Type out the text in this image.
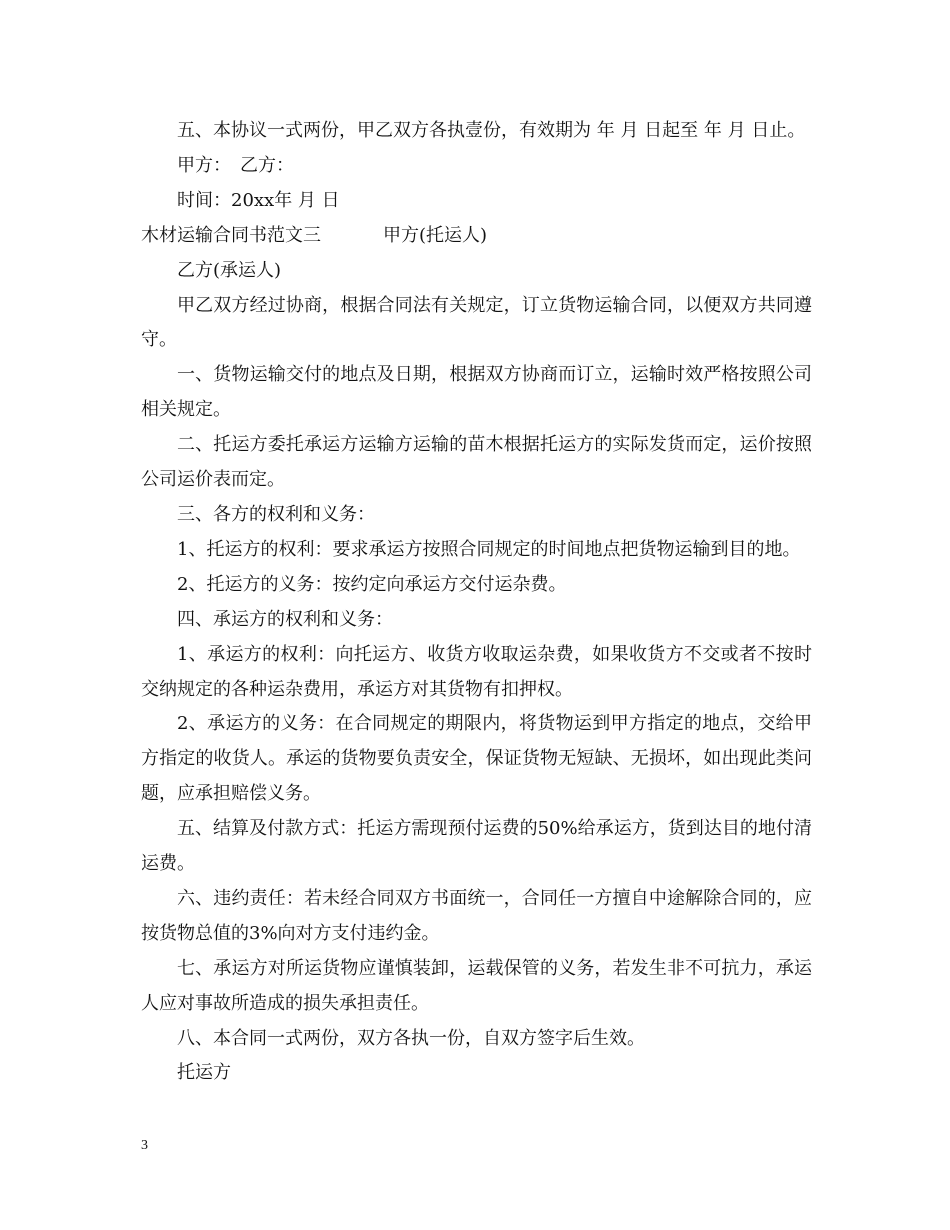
五、本协议一式两份，甲乙双方各执壹份，有效期为 年 月 日起至 年 月 日止。

甲方：　乙方：

时间：20xx年 月 日

木材运输合同书范文三	甲方(托运人)

乙方(承运人)

甲乙双方经过协商，根据合同法有关规定，订立货物运输合同，以便双方共同遵守。

一、货物运输交付的地点及日期，根据双方协商而订立，运输时效严格按照公司相关规定。

二、托运方委托承运方运输方运输的苗木根据托运方的实际发货而定，运价按照公司运价表而定。

三、各方的权利和义务：

1、托运方的权利：要求承运方按照合同规定的时间地点把货物运输到目的地。

2、托运方的义务：按约定向承运方交付运杂费。

四、承运方的权利和义务：

1、承运方的权利：向托运方、收货方收取运杂费，如果收货方不交或者不按时交纳规定的各种运杂费用，承运方对其货物有扣押权。

2、承运方的义务：在合同规定的期限内，将货物运到甲方指定的地点，交给甲方指定的收货人。承运的货物要负责安全，保证货物无短缺、无损坏，如出现此类问题，应承担赔偿义务。

五、结算及付款方式：托运方需现预付运费的50%给承运方，货到达目的地付清运费。

六、违约责任：若未经合同双方书面统一，合同任一方擅自中途解除合同的，应按货物总值的3%向对方支付违约金。

七、承运方对所运货物应谨慎装卸，运载保管的义务，若发生非不可抗力，承运人应对事故所造成的损失承担责任。

八、本合同一式两份，双方各执一份，自双方签字后生效。

托运方

3
